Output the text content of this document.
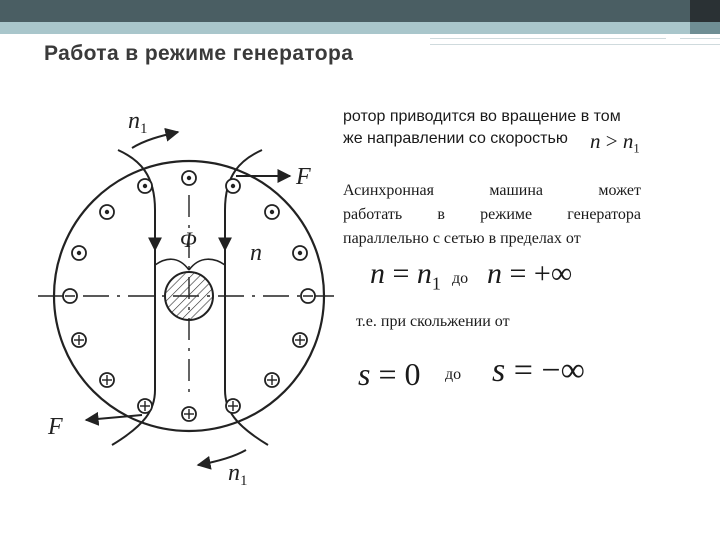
Работа в режиме генератора
$n_1$
F
Φ
n
F
$n_1$
ротор приводится во вращение в том
же направлении со скоростью $n > n_1$
Асинхронная машина может
работать в режиме генератора
параллельно с сетью в пределах от
$n = n_1$ до n = +∞
т.е. при скольжении от
s = 0 до s = −∞
